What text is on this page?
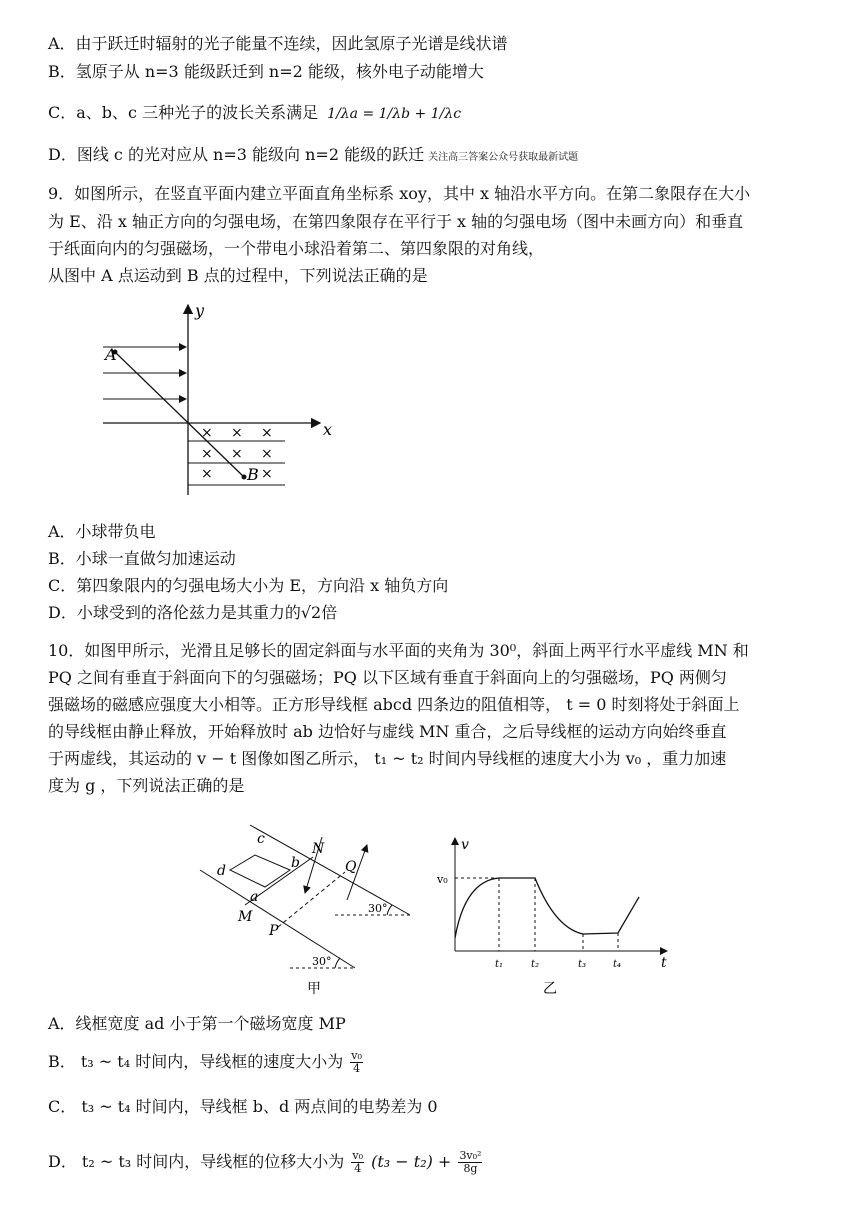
A．由于跃迁时辐射的光子能量不连续，因此氢原子光谱是线状谱
B．氢原子从 n=3 能级跃迁到 n=2 能级，核外电子动能增大
C．a、b、c 三种光子的波长关系满足 1/λa = 1/λb + 1/λc
D．图线 c 的光对应从 n=3 能级向 n=2 能级的跃迁 关注高三答案公众号获取最新试题
9．如图所示，在竖直平面内建立平面直角坐标系 xoy，其中 x 轴沿水平方向。在第二象限存在大小
为 E、沿 x 轴正方向的匀强电场，在第四象限存在平行于 x 轴的匀强电场（图中未画方向）和垂直
于纸面向内的匀强磁场，一个带电小球沿着第二、第四象限的对角线，
从图中 A 点运动到 B 点的过程中，下列说法正确的是
y
x
A
B
× × ×
× × ×
×	×
A．小球带负电
B．小球一直做匀加速运动
C．第四象限内的匀强电场大小为 E，方向沿 x 轴负方向
D．小球受到的洛伦兹力是其重力的√2倍
10．如图甲所示，光滑且足够长的固定斜面与水平面的夹角为 30⁰，斜面上两平行水平虚线 MN 和
PQ 之间有垂直于斜面向下的匀强磁场；PQ 以下区域有垂直于斜面向上的匀强磁场，PQ 两侧匀
强磁场的磁感应强度大小相等。正方形导线框 abcd 四条边的阻值相等， t = 0 时刻将处于斜面上
的导线框由静止释放，开始释放时 ab 边恰好与虚线 MN 重合，之后导线框的运动方向始终垂直
于两虚线，其运动的 v − t 图像如图乙所示， t₁ ~ t₂ 时间内导线框的速度大小为 v₀ ，重力加速
度为 g ，下列说法正确的是
c
d	b
a
N
Q
M
P
30°
30°
甲
v
t
v₀
t₁	t₂	t₃	t₄
乙
A．线框宽度 ad 小于第一个磁场宽度 MP
B． t₃ ~ t₄ 时间内，导线框的速度大小为 $\frac{\text{v₀}}{4}$
C． t₃ ~ t₄ 时间内，导线框 b、d 两点间的电势差为 0
D． t₂ ~ t₃ 时间内，导线框的位移大小为 $\frac{\text{v₀}}{4} (t_3 - t_2) + \frac{\text{3v₀²}}{8g}$
